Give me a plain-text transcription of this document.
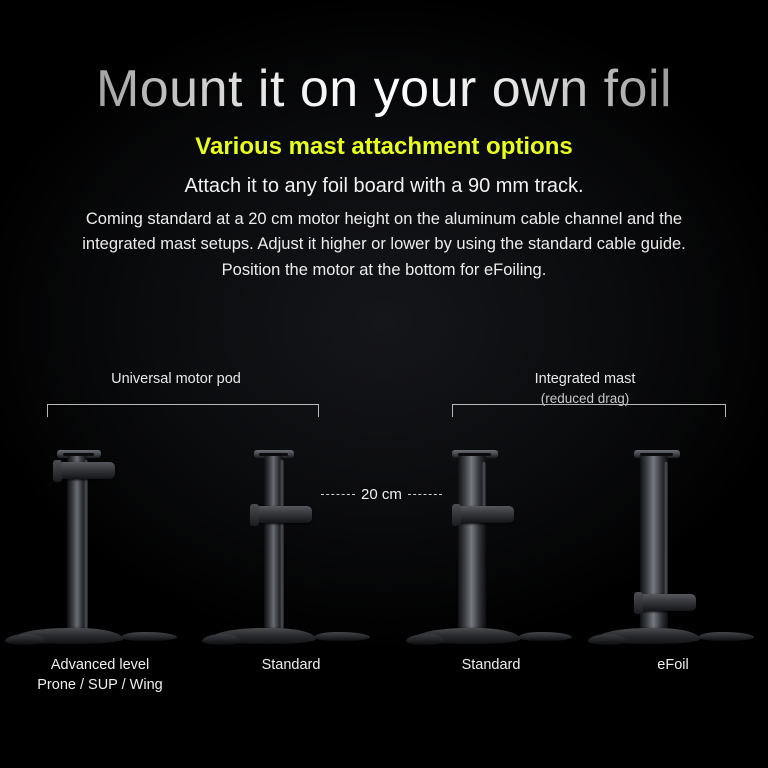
Mount it on your own foil
Various mast attachment options
Attach it to any foil board with a 90 mm track.
Coming standard at a 20 cm motor height on the aluminum cable channel and the
integrated mast setups. Adjust it higher or lower by using the standard cable guide.
Position the motor at the bottom for eFoiling.
Universal motor pod	Integrated mast
(reduced drag)
Advanced level
Prone / SUP / Wing
Standard
20 cm
Standard	eFoil
